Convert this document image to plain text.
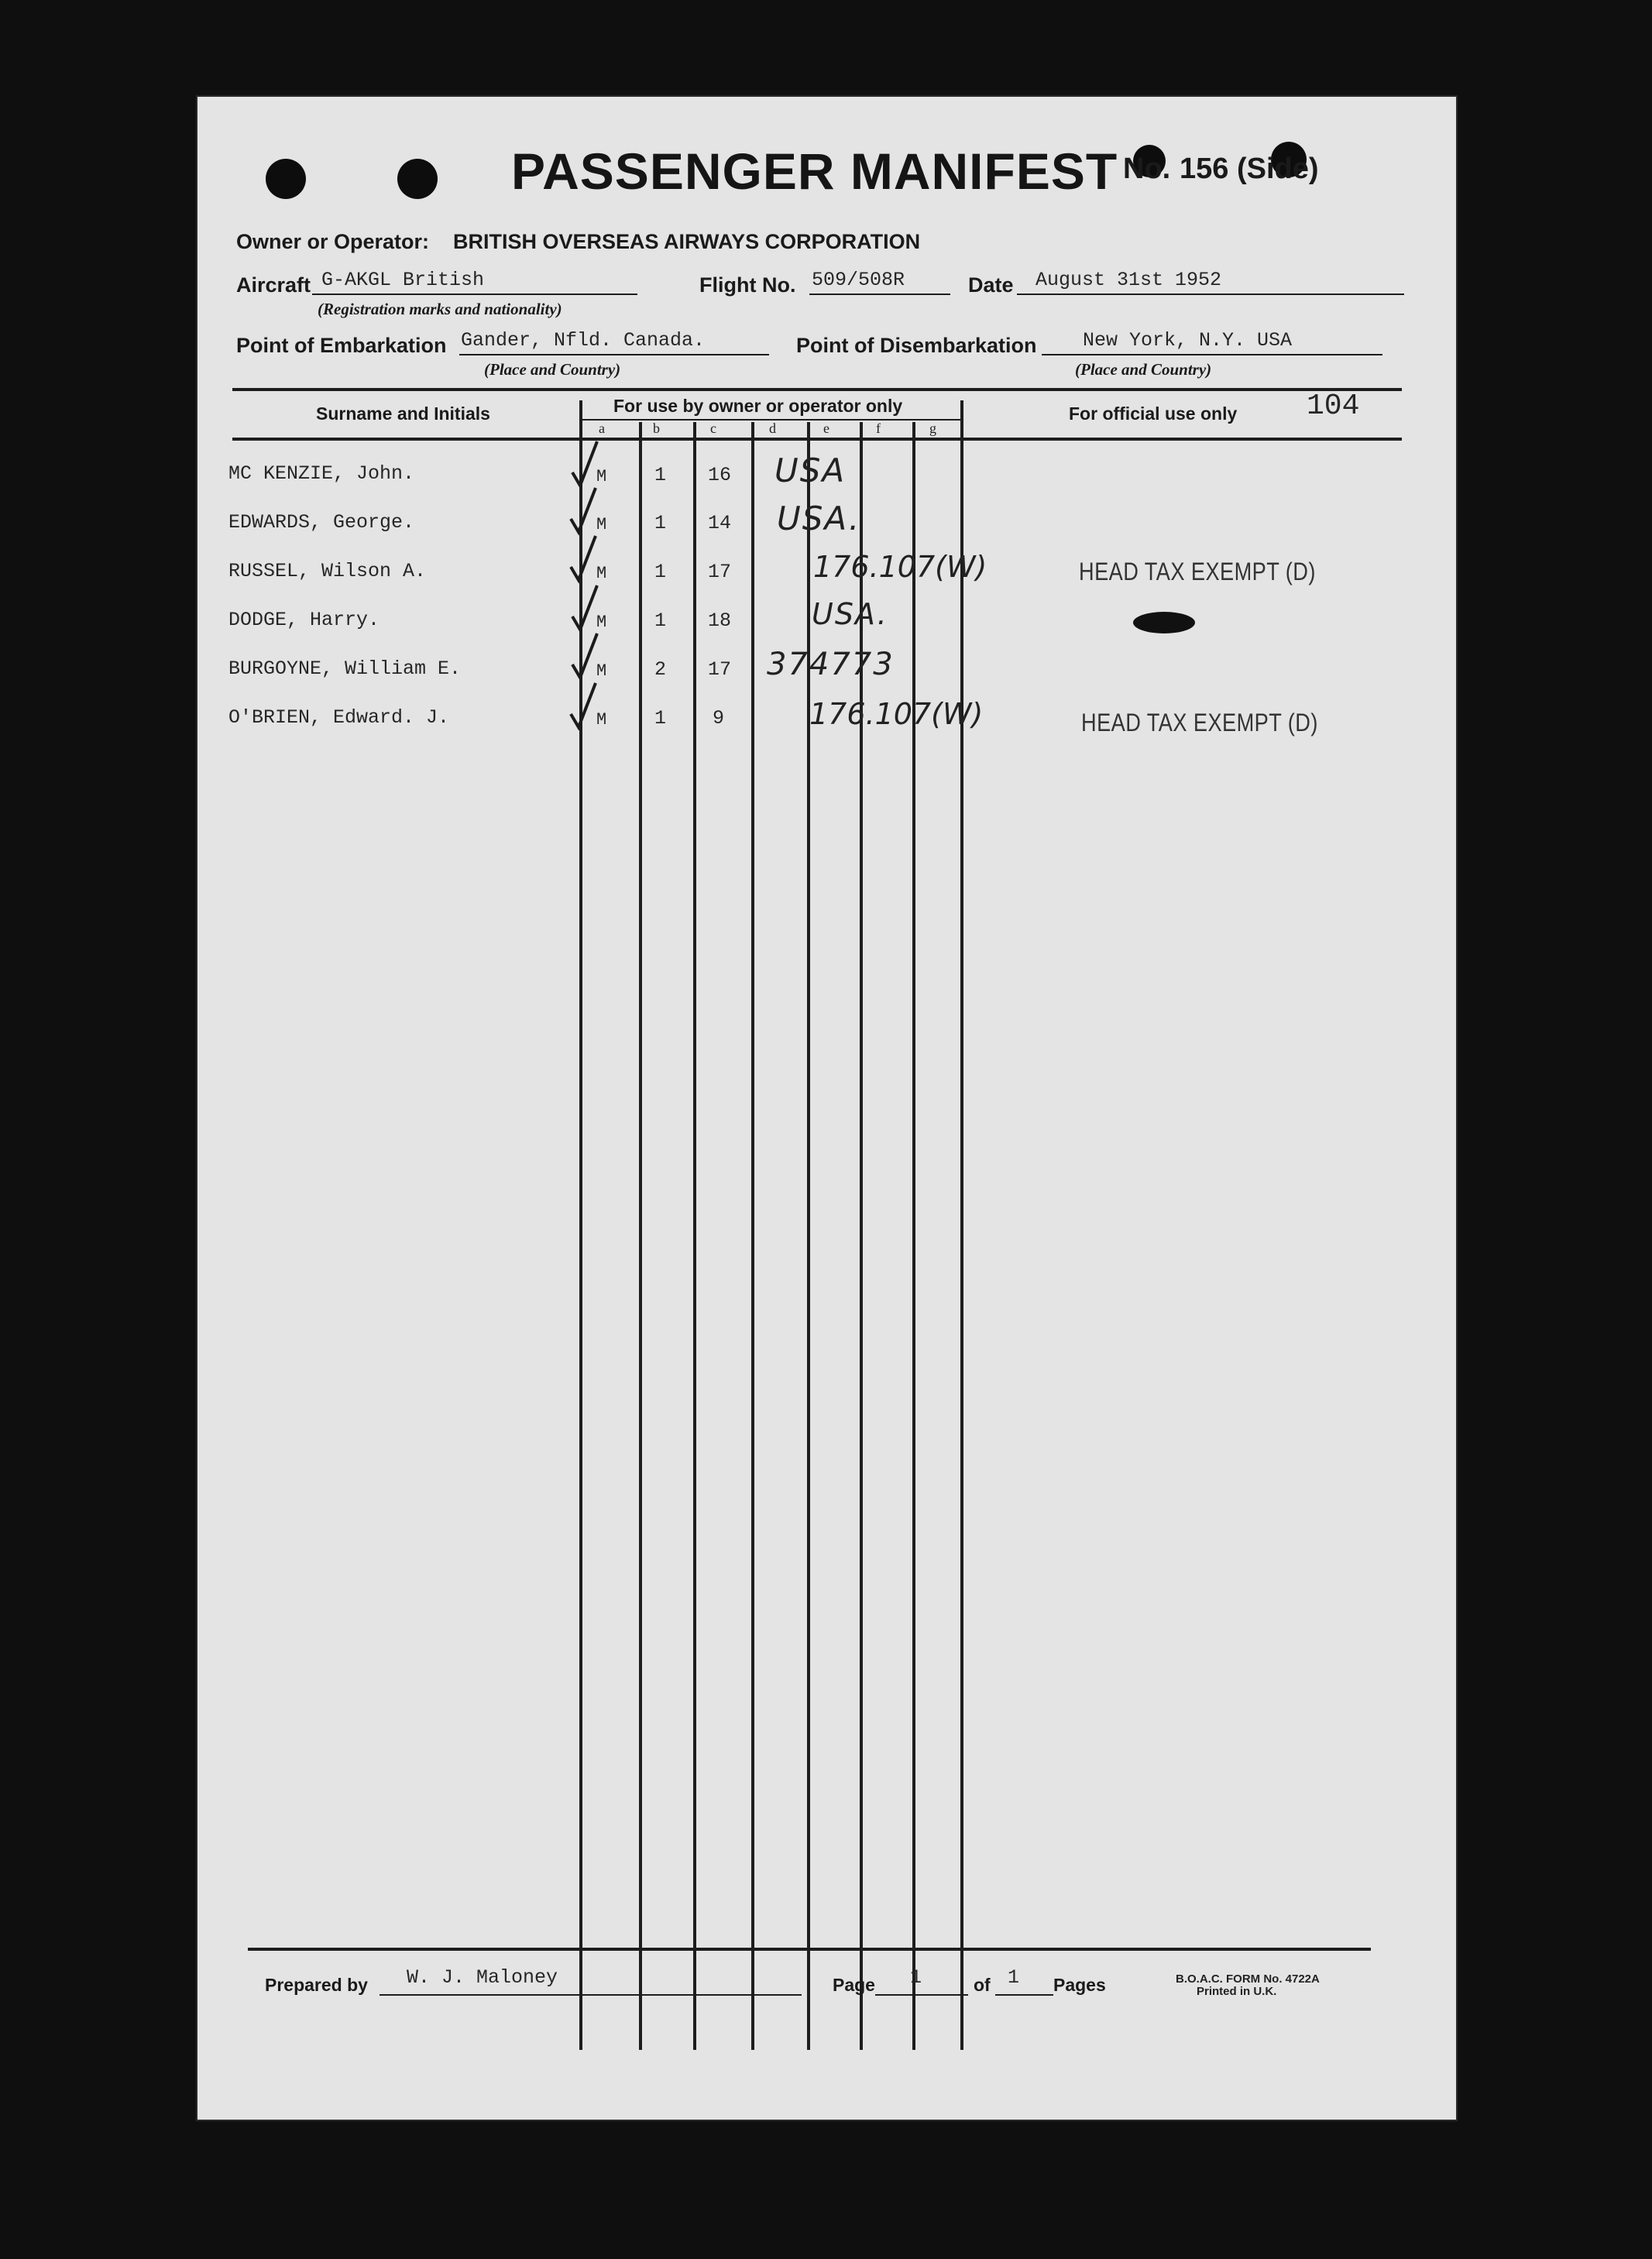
PASSENGER MANIFEST No. 156 (Side)
Owner or Operator: BRITISH OVERSEAS AIRWAYS CORPORATION
Aircraft G-AKGL British
(Registration marks and nationality)
Flight No. 509/508R	Date August 31st 1952
Point of Embarkation Gander, Nfld. Canada.
(Place and Country)
Point of Disembarkation New York, N.Y. USA
(Place and Country)
Surname and Initials	For use by owner or operator only	For official use only 104
a	b	c	d	e	f	g
MC KENZIE, John.	M 1 16 USA
EDWARDS, George.	M 1 14 USA.
RUSSEL, Wilson A.	M 1 17	176.107(W)	HEAD TAX EXEMPT (D)
DODGE, Harry.	M 1 18	USA.
BURGOYNE, William E.	M 2 17 374773
O'BRIEN, Edward. J.	M 1 9	176.107(W)	HEAD TAX EXEMPT (D)
Prepared by W. J. Maloney	Page 1	of 1 Pages	B.O.A.C. FORM No. 4722A
Printed in U.K.
